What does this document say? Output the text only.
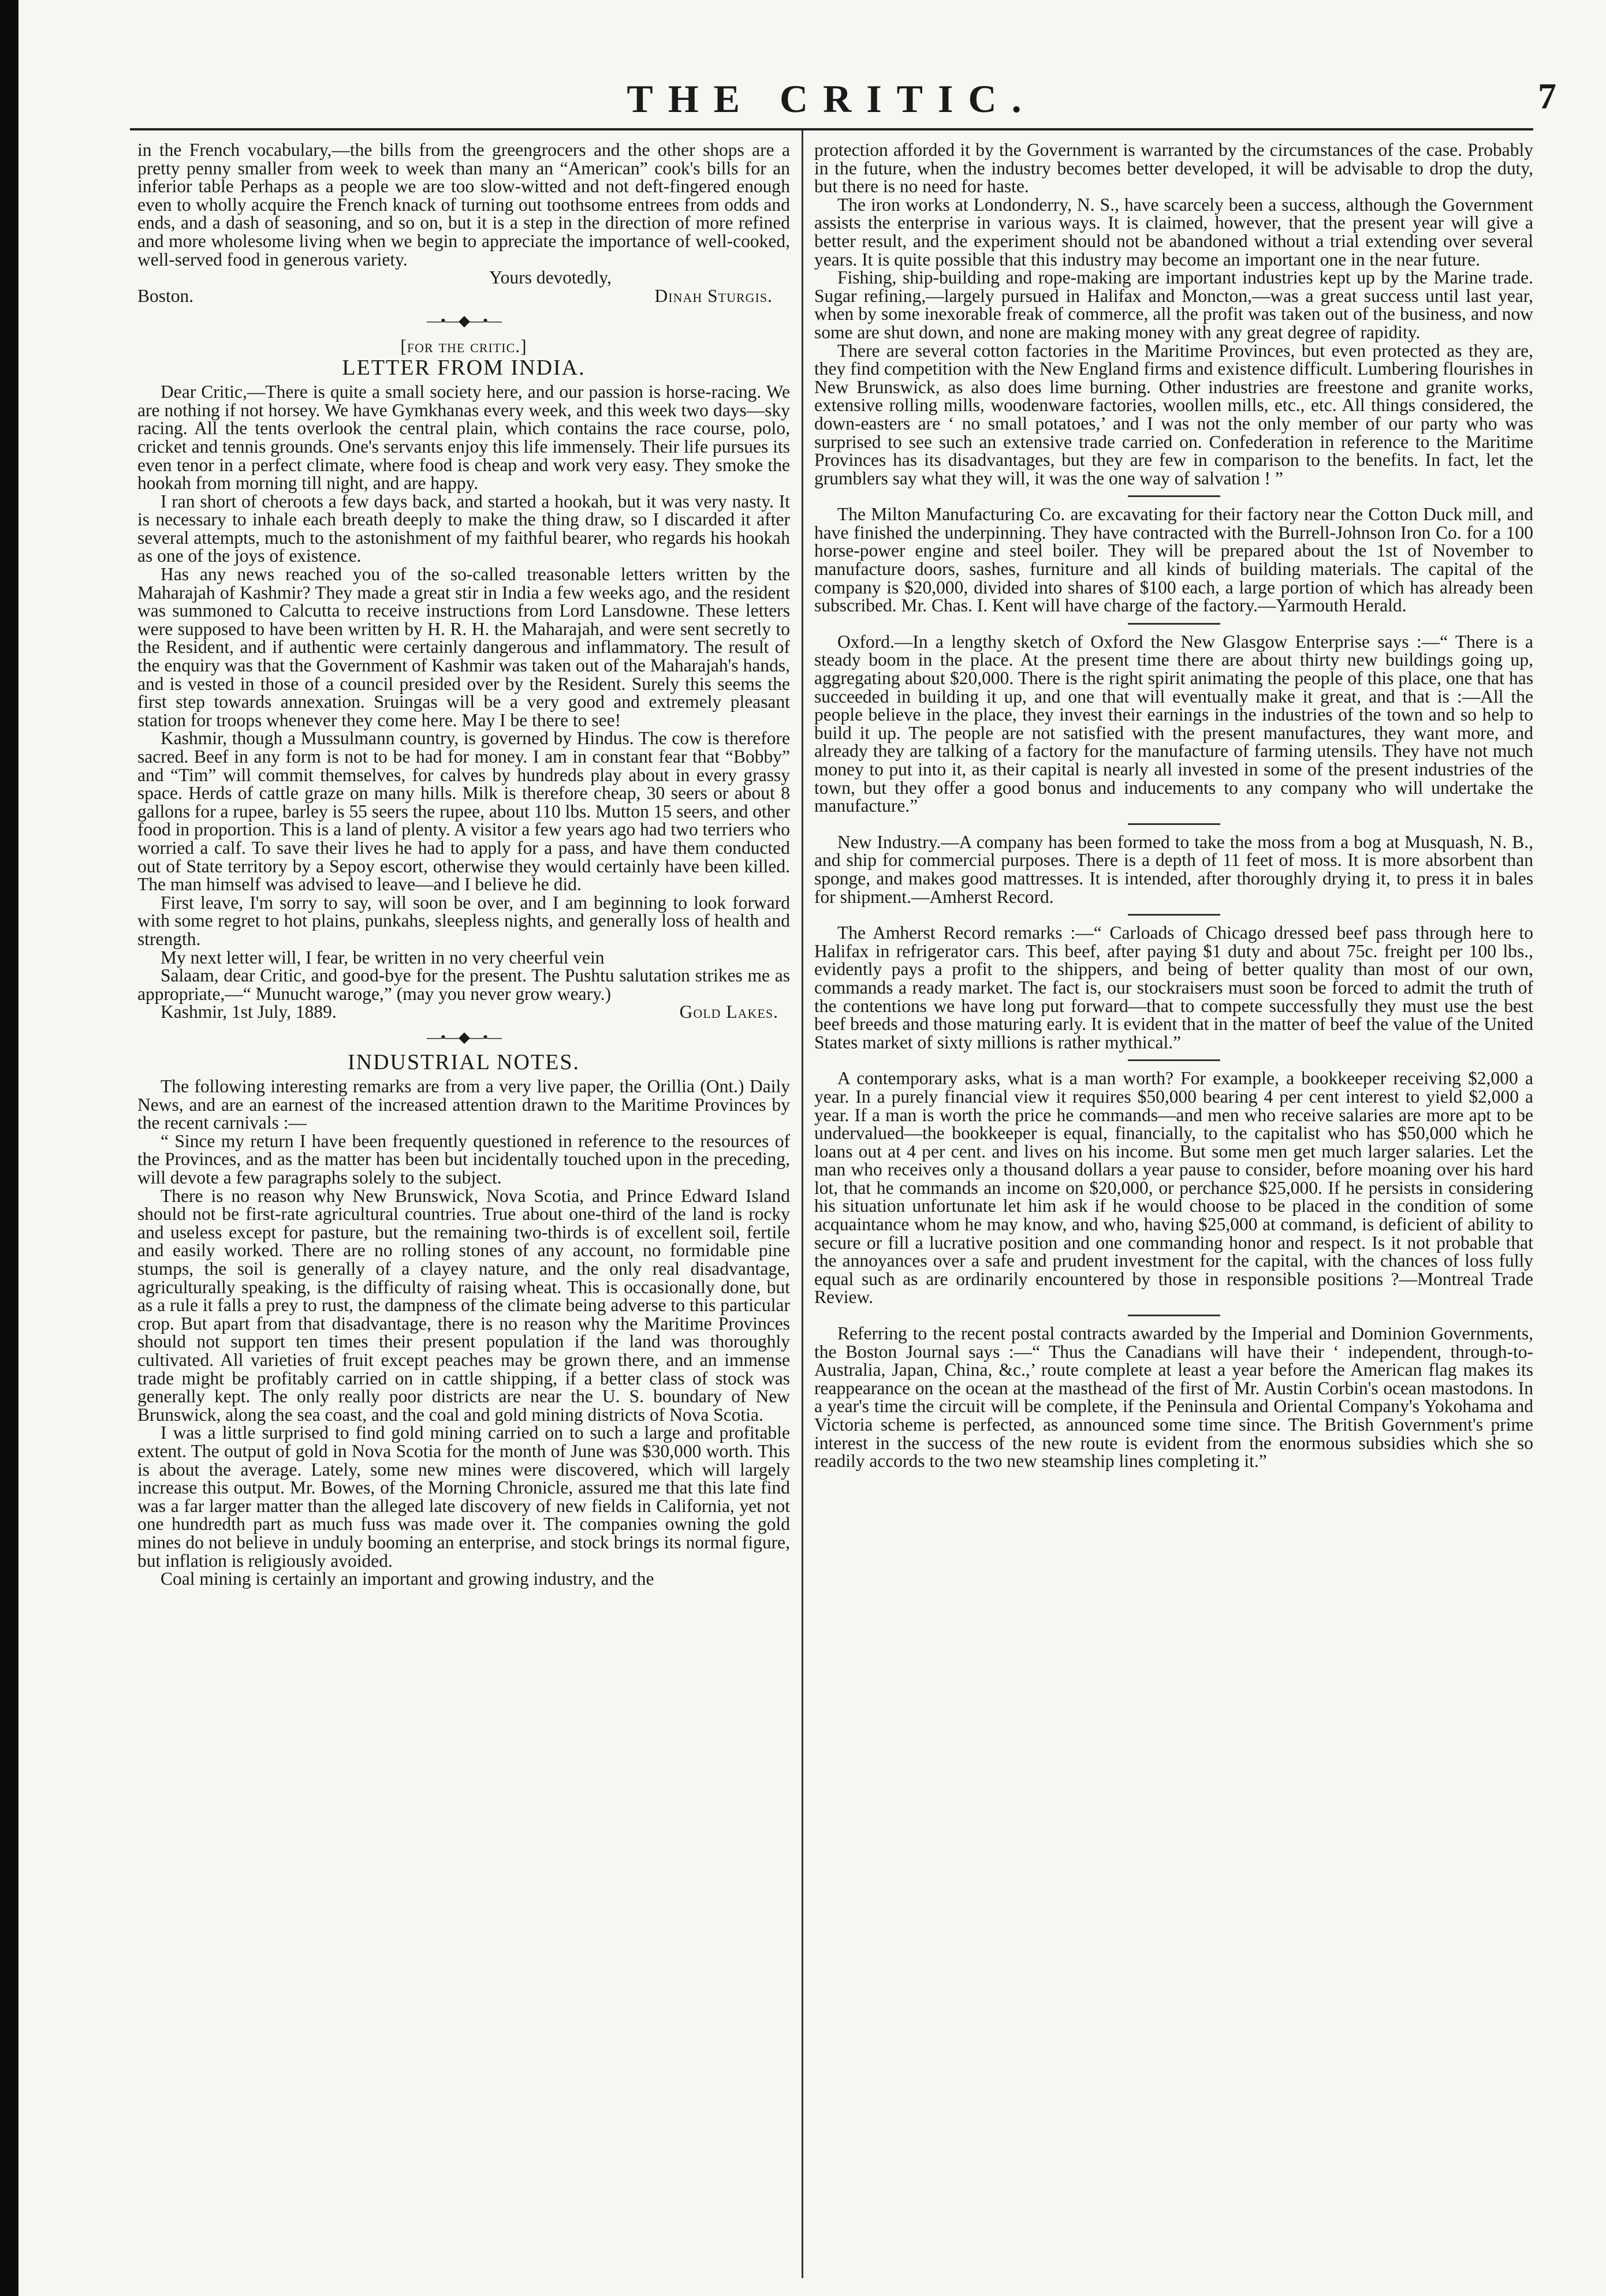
THE CRITIC.	7

in the French vocabulary,—the bills from the greengrocers and the other shops are a pretty penny smaller from week to week than many an “American” cook's bills for an inferior table Perhaps as a people we are too slow-witted and not deft-fingered enough even to wholly acquire the French knack of turning out toothsome entrees from odds and ends, and a dash of seasoning, and so on, but it is a step in the direction of more refined and more wholesome living when we begin to appreciate the importance of well-cooked, well-served food in generous variety.

Yours devotedly,

Boston.	Dinah Sturgis.
—•—◆—•—

[for the critic.]

LETTER FROM INDIA.

Dear Critic,—There is quite a small society here, and our passion is horse-racing. We are nothing if not horsey. We have Gymkhanas every week, and this week two days—sky racing. All the tents overlook the central plain, which contains the race course, polo, cricket and tennis grounds. One's servants enjoy this life immensely. Their life pursues its even tenor in a perfect climate, where food is cheap and work very easy. They smoke the hookah from morning till night, and are happy.

I ran short of cheroots a few days back, and started a hookah, but it was very nasty. It is necessary to inhale each breath deeply to make the thing draw, so I discarded it after several attempts, much to the astonishment of my faithful bearer, who regards his hookah as one of the joys of existence.

Has any news reached you of the so-called treasonable letters written by the Maharajah of Kashmir? They made a great stir in India a few weeks ago, and the resident was summoned to Calcutta to receive instructions from Lord Lansdowne. These letters were supposed to have been written by H. R. H. the Maharajah, and were sent secretly to the Resident, and if authentic were certainly dangerous and inflammatory. The result of the enquiry was that the Government of Kashmir was taken out of the Maharajah's hands, and is vested in those of a council presided over by the Resident. Surely this seems the first step towards annexation. Sruingas will be a very good and extremely pleasant station for troops whenever they come here. May I be there to see!

Kashmir, though a Mussulmann country, is governed by Hindus. The cow is therefore sacred. Beef in any form is not to be had for money. I am in constant fear that “Bobby” and “Tim” will commit themselves, for calves by hundreds play about in every grassy space. Herds of cattle graze on many hills. Milk is therefore cheap, 30 seers or about 8 gallons for a rupee, barley is 55 seers the rupee, about 110 lbs. Mutton 15 seers, and other food in proportion. This is a land of plenty. A visitor a few years ago had two terriers who worried a calf. To save their lives he had to apply for a pass, and have them conducted out of State territory by a Sepoy escort, otherwise they would certainly have been killed. The man himself was advised to leave—and I believe he did.

First leave, I'm sorry to say, will soon be over, and I am beginning to look forward with some regret to hot plains, punkahs, sleepless nights, and generally loss of health and strength.

My next letter will, I fear, be written in no very cheerful vein

Salaam, dear Critic, and good-bye for the present. The Pushtu salutation strikes me as appropriate,—“ Munucht waroge,” (may you never grow weary.)

Kashmir, 1st July, 1889.	Gold Lakes.
—•—◆—•—
INDUSTRIAL NOTES.

The following interesting remarks are from a very live paper, the Orillia (Ont.) Daily News, and are an earnest of the increased attention drawn to the Maritime Provinces by the recent carnivals :—

“ Since my return I have been frequently questioned in reference to the resources of the Provinces, and as the matter has been but incidentally touched upon in the preceding, will devote a few paragraphs solely to the subject.

There is no reason why New Brunswick, Nova Scotia, and Prince Edward Island should not be first-rate agricultural countries. True about one-third of the land is rocky and useless except for pasture, but the remaining two-thirds is of excellent soil, fertile and easily worked. There are no rolling stones of any account, no formidable pine stumps, the soil is generally of a clayey nature, and the only real disadvantage, agriculturally speaking, is the difficulty of raising wheat. This is occasionally done, but as a rule it falls a prey to rust, the dampness of the climate being adverse to this particular crop. But apart from that disadvantage, there is no reason why the Maritime Provinces should not support ten times their present population if the land was thoroughly cultivated. All varieties of fruit except peaches may be grown there, and an immense trade might be profitably carried on in cattle shipping, if a better class of stock was generally kept. The only really poor districts are near the U. S. boundary of New Brunswick, along the sea coast, and the coal and gold mining districts of Nova Scotia.

I was a little surprised to find gold mining carried on to such a large and profitable extent. The output of gold in Nova Scotia for the month of June was $30,000 worth. This is about the average. Lately, some new mines were discovered, which will largely increase this output. Mr. Bowes, of the Morning Chronicle, assured me that this late find was a far larger matter than the alleged late discovery of new fields in California, yet not one hundredth part as much fuss was made over it. The companies owning the gold mines do not believe in unduly booming an enterprise, and stock brings its normal figure, but inflation is religiously avoided.

Coal mining is certainly an important and growing industry, and the

protection afforded it by the Government is warranted by the circumstances of the case. Probably in the future, when the industry becomes better developed, it will be advisable to drop the duty, but there is no need for haste.

The iron works at Londonderry, N. S., have scarcely been a success, although the Government assists the enterprise in various ways. It is claimed, however, that the present year will give a better result, and the experiment should not be abandoned without a trial extending over several years. It is quite possible that this industry may become an important one in the near future.

Fishing, ship-building and rope-making are important industries kept up by the Marine trade. Sugar refining,—largely pursued in Halifax and Moncton,—was a great success until last year, when by some inexorable freak of commerce, all the profit was taken out of the business, and now some are shut down, and none are making money with any great degree of rapidity.

There are several cotton factories in the Maritime Provinces, but even protected as they are, they find competition with the New England firms and existence difficult. Lumbering flourishes in New Brunswick, as also does lime burning. Other industries are freestone and granite works, extensive rolling mills, woodenware factories, woollen mills, etc., etc. All things considered, the down-easters are ‘ no small potatoes,’ and I was not the only member of our party who was surprised to see such an extensive trade carried on. Confederation in reference to the Maritime Provinces has its disadvantages, but they are few in comparison to the benefits. In fact, let the grumblers say what they will, it was the one way of salvation ! ”

The Milton Manufacturing Co. are excavating for their factory near the Cotton Duck mill, and have finished the underpinning. They have contracted with the Burrell-Johnson Iron Co. for a 100 horse-power engine and steel boiler. They will be prepared about the 1st of November to manufacture doors, sashes, furniture and all kinds of building materials. The capital of the company is $20,000, divided into shares of $100 each, a large portion of which has already been subscribed. Mr. Chas. I. Kent will have charge of the factory.—Yarmouth Herald.

Oxford.—In a lengthy sketch of Oxford the New Glasgow Enterprise says :—“ There is a steady boom in the place. At the present time there are about thirty new buildings going up, aggregating about $20,000. There is the right spirit animating the people of this place, one that has succeeded in building it up, and one that will eventually make it great, and that is :—All the people believe in the place, they invest their earnings in the industries of the town and so help to build it up. The people are not satisfied with the present manufactures, they want more, and already they are talking of a factory for the manufacture of farming utensils. They have not much money to put into it, as their capital is nearly all invested in some of the present industries of the town, but they offer a good bonus and inducements to any company who will undertake the manufacture.”

New Industry.—A company has been formed to take the moss from a bog at Musquash, N. B., and ship for commercial purposes. There is a depth of 11 feet of moss. It is more absorbent than sponge, and makes good mattresses. It is intended, after thoroughly drying it, to press it in bales for shipment.—Amherst Record.

The Amherst Record remarks :—“ Carloads of Chicago dressed beef pass through here to Halifax in refrigerator cars. This beef, after paying $1 duty and about 75c. freight per 100 lbs., evidently pays a profit to the shippers, and being of better quality than most of our own, commands a ready market. The fact is, our stockraisers must soon be forced to admit the truth of the contentions we have long put forward—that to compete successfully they must use the best beef breeds and those maturing early. It is evident that in the matter of beef the value of the United States market of sixty millions is rather mythical.”

A contemporary asks, what is a man worth? For example, a bookkeeper receiving $2,000 a year. In a purely financial view it requires $50,000 bearing 4 per cent interest to yield $2,000 a year. If a man is worth the price he commands—and men who receive salaries are more apt to be undervalued—the bookkeeper is equal, financially, to the capitalist who has $50,000 which he loans out at 4 per cent. and lives on his income. But some men get much larger salaries. Let the man who receives only a thousand dollars a year pause to consider, before moaning over his hard lot, that he commands an income on $20,000, or perchance $25,000. If he persists in considering his situation unfortunate let him ask if he would choose to be placed in the condition of some acquaintance whom he may know, and who, having $25,000 at command, is deficient of ability to secure or fill a lucrative position and one commanding honor and respect. Is it not probable that the annoyances over a safe and prudent investment for the capital, with the chances of loss fully equal such as are ordinarily encountered by those in responsible positions ?—Montreal Trade Review.

Referring to the recent postal contracts awarded by the Imperial and Dominion Governments, the Boston Journal says :—“ Thus the Canadians will have their ‘ independent, through-to-Australia, Japan, China, &c.,’ route complete at least a year before the American flag makes its reappearance on the ocean at the masthead of the first of Mr. Austin Corbin's ocean mastodons. In a year's time the circuit will be complete, if the Peninsula and Oriental Company's Yokohama and Victoria scheme is perfected, as announced some time since. The British Government's prime interest in the success of the new route is evident from the enormous subsidies which she so readily accords to the two new steamship lines completing it.”
